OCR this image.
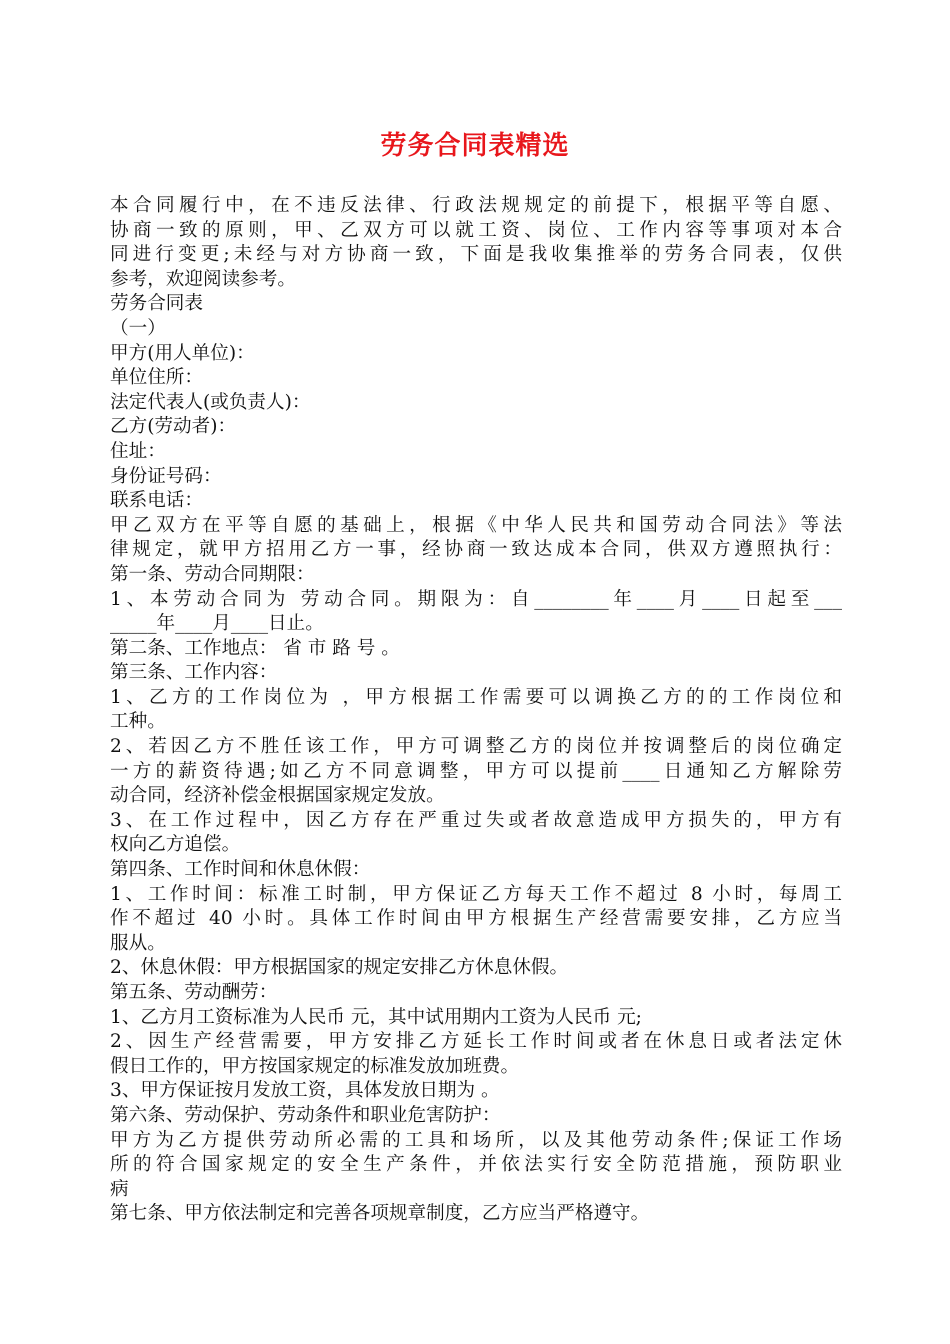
劳务合同表精选
本合同履行中，在不违反法律、行政法规规定的前提下，根据平等自愿、
协商一致的原则，甲、乙双方可以就工资、岗位、工作内容等事项对本合
同进行变更;未经与对方协商一致，下面是我收集推举的劳务合同表，仅供
参考，欢迎阅读参考。
劳务合同表
（一）
甲方(用人单位)：
单位住所：
法定代表人(或负责人)：
乙方(劳动者)：
住址：
身份证号码：
联系电话：
甲乙双方在平等自愿的基础上，根据《中华人民共和国劳动合同法》等法
律规定，就甲方招用乙方一事，经协商一致达成本合同，供双方遵照执行：
第一条、劳动合同期限：
1、本劳动合同为 劳动合同。期限为：自________年____月____日起至___
_____年____月____日止。
第二条、工作地点： 省 市 路 号 。
第三条、工作内容：
1、乙方的工作岗位为 ，甲方根据工作需要可以调换乙方的的工作岗位和
工种。
2、若因乙方不胜任该工作，甲方可调整乙方的岗位并按调整后的岗位确定
一方的薪资待遇;如乙方不同意调整，甲方可以提前____日通知乙方解除劳
动合同，经济补偿金根据国家规定发放。
3、在工作过程中，因乙方存在严重过失或者故意造成甲方损失的，甲方有
权向乙方追偿。
第四条、工作时间和休息休假：
1、工作时间：标准工时制，甲方保证乙方每天工作不超过 8 小时，每周工
作不超过 40 小时。具体工作时间由甲方根据生产经营需要安排，乙方应当
服从。
2、休息休假：甲方根据国家的规定安排乙方休息休假。
第五条、劳动酬劳：
1、乙方月工资标准为人民币 元，其中试用期内工资为人民币 元;
2、因生产经营需要，甲方安排乙方延长工作时间或者在休息日或者法定休
假日工作的，甲方按国家规定的标准发放加班费。
3、甲方保证按月发放工资，具体发放日期为 。
第六条、劳动保护、劳动条件和职业危害防护：
甲方为乙方提供劳动所必需的工具和场所，以及其他劳动条件;保证工作场
所的符合国家规定的安全生产条件，并依法实行安全防范措施，预防职业
病
第七条、甲方依法制定和完善各项规章制度，乙方应当严格遵守。
